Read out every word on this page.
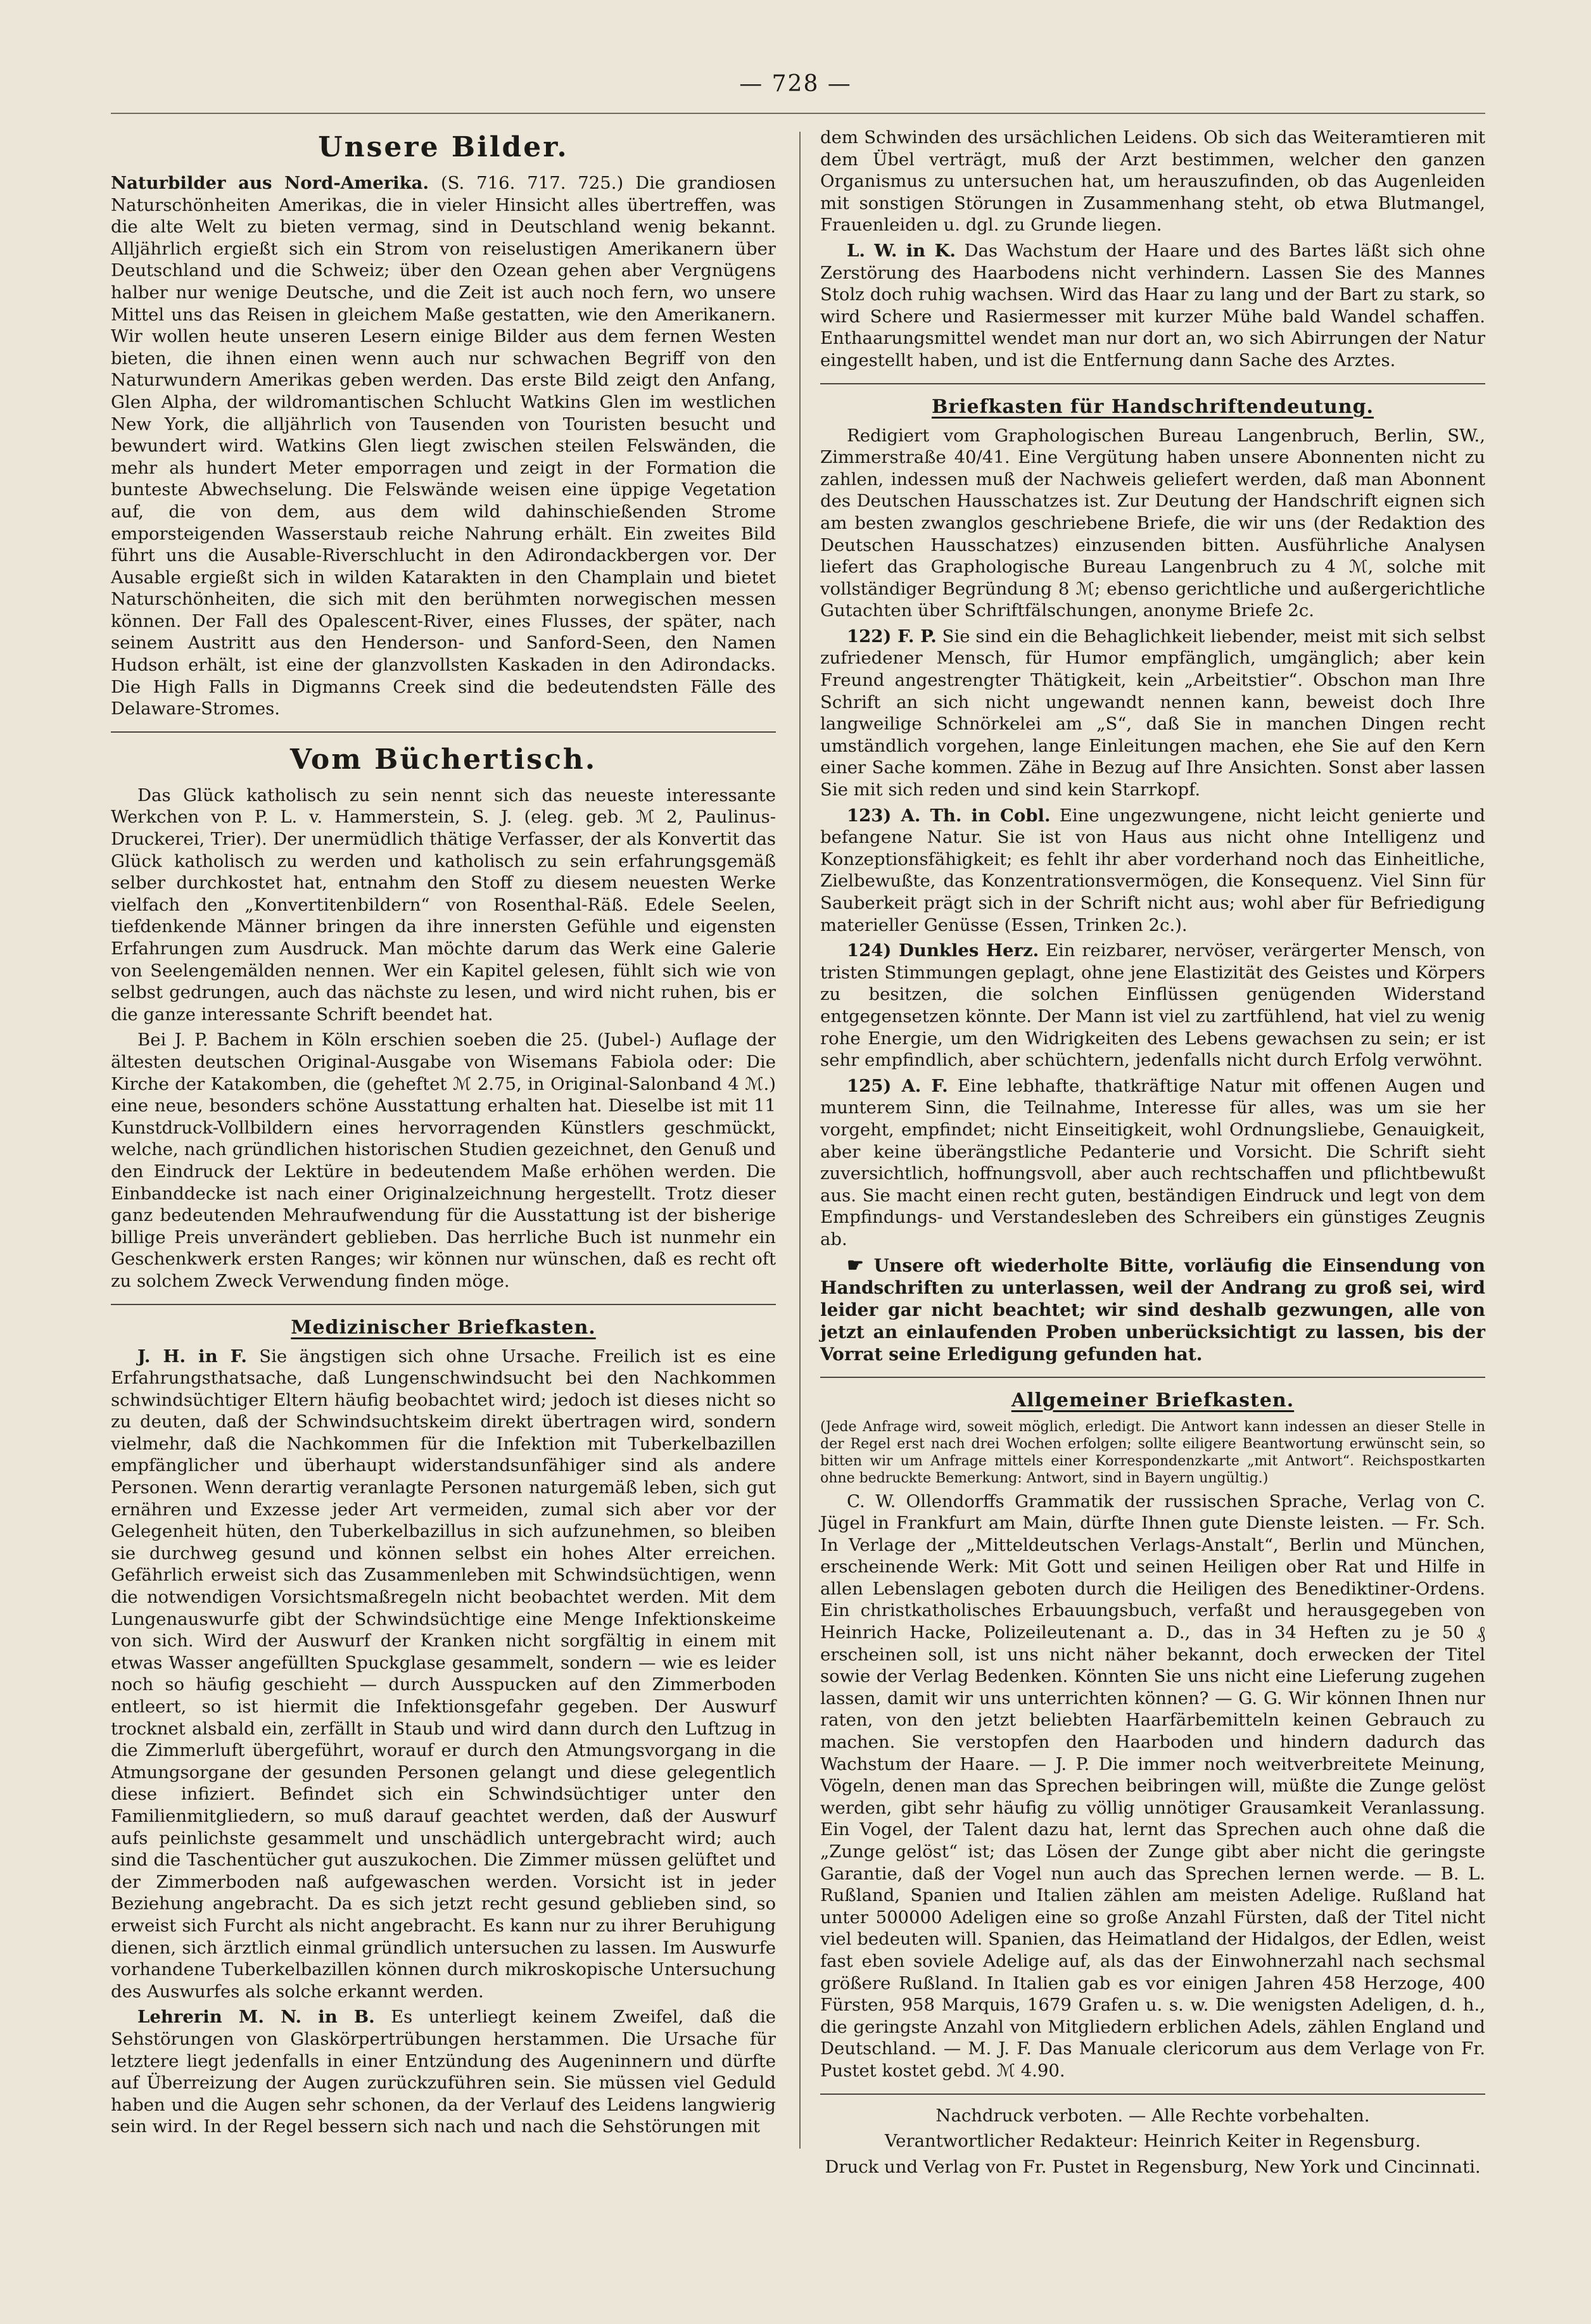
— 728 —
Unsere Bilder.

Naturbilder aus Nord-Amerika. (S. 716. 717. 725.) Die grandiosen Naturschönheiten Amerikas, die in vieler Hinsicht alles übertreffen, was die alte Welt zu bieten vermag, sind in Deutschland wenig bekannt. Alljährlich ergießt sich ein Strom von reiselustigen Amerikanern über Deutschland und die Schweiz; über den Ozean gehen aber Vergnügens halber nur wenige Deutsche, und die Zeit ist auch noch fern, wo unsere Mittel uns das Reisen in gleichem Maße gestatten, wie den Amerikanern. Wir wollen heute unseren Lesern einige Bilder aus dem fernen Westen bieten, die ihnen einen wenn auch nur schwachen Begriff von den Naturwundern Amerikas geben werden. Das erste Bild zeigt den Anfang, Glen Alpha, der wildromantischen Schlucht Watkins Glen im westlichen New York, die alljährlich von Tausenden von Touristen besucht und bewundert wird. Watkins Glen liegt zwischen steilen Felswänden, die mehr als hundert Meter emporragen und zeigt in der Formation die bunteste Abwechselung. Die Felswände weisen eine üppige Vegetation auf, die von dem, aus dem wild dahinschießenden Strome emporsteigenden Wasserstaub reiche Nahrung erhält. Ein zweites Bild führt uns die Ausable-Riverschlucht in den Adirondackbergen vor. Der Ausable ergießt sich in wilden Katarakten in den Champlain und bietet Naturschönheiten, die sich mit den berühmten norwegischen messen können. Der Fall des Opalescent-River, eines Flusses, der später, nach seinem Austritt aus den Henderson- und Sanford-Seen, den Namen Hudson erhält, ist eine der glanzvollsten Kaskaden in den Adirondacks. Die High Falls in Digmanns Creek sind die bedeutendsten Fälle des Delaware-Stromes.

Vom Büchertisch.

Das Glück katholisch zu sein nennt sich das neueste interessante Werkchen von P. L. v. Hammerstein, S. J. (eleg. geb. ℳ 2, Paulinus-Druckerei, Trier). Der unermüdlich thätige Verfasser, der als Konvertit das Glück katholisch zu werden und katholisch zu sein erfahrungsgemäß selber durchkostet hat, entnahm den Stoff zu diesem neuesten Werke vielfach den „Konvertitenbildern“ von Rosenthal-Räß. Edele Seelen, tiefdenkende Männer bringen da ihre innersten Gefühle und eigensten Erfahrungen zum Ausdruck. Man möchte darum das Werk eine Galerie von Seelengemälden nennen. Wer ein Kapitel gelesen, fühlt sich wie von selbst gedrungen, auch das nächste zu lesen, und wird nicht ruhen, bis er die ganze interessante Schrift beendet hat.

Bei J. P. Bachem in Köln erschien soeben die 25. (Jubel-) Auflage der ältesten deutschen Original-Ausgabe von Wisemans Fabiola oder: Die Kirche der Katakomben, die (geheftet ℳ 2.75, in Original-Salonband 4 ℳ.) eine neue, besonders schöne Ausstattung erhalten hat. Dieselbe ist mit 11 Kunstdruck-Vollbildern eines hervorragenden Künstlers geschmückt, welche, nach gründlichen historischen Studien gezeichnet, den Genuß und den Eindruck der Lektüre in bedeutendem Maße erhöhen werden. Die Einbanddecke ist nach einer Originalzeichnung hergestellt. Trotz dieser ganz bedeutenden Mehraufwendung für die Ausstattung ist der bisherige billige Preis unverändert geblieben. Das herrliche Buch ist nunmehr ein Geschenkwerk ersten Ranges; wir können nur wünschen, daß es recht oft zu solchem Zweck Verwendung finden möge.

Medizinischer Briefkasten.

J. H. in F. Sie ängstigen sich ohne Ursache. Freilich ist es eine Erfahrungsthatsache, daß Lungenschwindsucht bei den Nachkommen schwindsüchtiger Eltern häufig beobachtet wird; jedoch ist dieses nicht so zu deuten, daß der Schwindsuchtskeim direkt übertragen wird, sondern vielmehr, daß die Nachkommen für die Infektion mit Tuberkelbazillen empfänglicher und überhaupt widerstandsunfähiger sind als andere Personen. Wenn derartig veranlagte Personen naturgemäß leben, sich gut ernähren und Exzesse jeder Art vermeiden, zumal sich aber vor der Gelegenheit hüten, den Tuberkelbazillus in sich aufzunehmen, so bleiben sie durchweg gesund und können selbst ein hohes Alter erreichen. Gefährlich erweist sich das Zusammenleben mit Schwindsüchtigen, wenn die notwendigen Vorsichtsmaßregeln nicht beobachtet werden. Mit dem Lungenauswurfe gibt der Schwindsüchtige eine Menge Infektionskeime von sich. Wird der Auswurf der Kranken nicht sorgfältig in einem mit etwas Wasser angefüllten Spuckglase gesammelt, sondern — wie es leider noch so häufig geschieht — durch Ausspucken auf den Zimmerboden entleert, so ist hiermit die Infektionsgefahr gegeben. Der Auswurf trocknet alsbald ein, zerfällt in Staub und wird dann durch den Luftzug in die Zimmerluft übergeführt, worauf er durch den Atmungsvorgang in die Atmungsorgane der gesunden Personen gelangt und diese gelegentlich diese infiziert. Befindet sich ein Schwindsüchtiger unter den Familienmitgliedern, so muß darauf geachtet werden, daß der Auswurf aufs peinlichste gesammelt und unschädlich untergebracht wird; auch sind die Taschentücher gut auszukochen. Die Zimmer müssen gelüftet und der Zimmerboden naß aufgewaschen werden. Vorsicht ist in jeder Beziehung angebracht. Da es sich jetzt recht gesund geblieben sind, so erweist sich Furcht als nicht angebracht. Es kann nur zu ihrer Beruhigung dienen, sich ärztlich einmal gründlich untersuchen zu lassen. Im Auswurfe vorhandene Tuberkelbazillen können durch mikroskopische Untersuchung des Auswurfes als solche erkannt werden.

Lehrerin M. N. in B. Es unterliegt keinem Zweifel, daß die Sehstörungen von Glaskörpertrübungen herstammen. Die Ursache für letztere liegt jedenfalls in einer Entzündung des Augeninnern und dürfte auf Überreizung der Augen zurückzuführen sein. Sie müssen viel Geduld haben und die Augen sehr schonen, da der Verlauf des Leidens langwierig sein wird. In der Regel bessern sich nach und nach die Sehstörungen mit

dem Schwinden des ursächlichen Leidens. Ob sich das Weiteramtieren mit dem Übel verträgt, muß der Arzt bestimmen, welcher den ganzen Organismus zu untersuchen hat, um herauszufinden, ob das Augenleiden mit sonstigen Störungen in Zusammenhang steht, ob etwa Blutmangel, Frauenleiden u. dgl. zu Grunde liegen.

L. W. in K. Das Wachstum der Haare und des Bartes läßt sich ohne Zerstörung des Haarbodens nicht verhindern. Lassen Sie des Mannes Stolz doch ruhig wachsen. Wird das Haar zu lang und der Bart zu stark, so wird Schere und Rasiermesser mit kurzer Mühe bald Wandel schaffen. Enthaarungsmittel wendet man nur dort an, wo sich Abirrungen der Natur eingestellt haben, und ist die Entfernung dann Sache des Arztes.

Briefkasten für Handschriftendeutung.

Redigiert vom Graphologischen Bureau Langenbruch, Berlin, SW., Zimmerstraße 40/41. Eine Vergütung haben unsere Abonnenten nicht zu zahlen, indessen muß der Nachweis geliefert werden, daß man Abonnent des Deutschen Hausschatzes ist. Zur Deutung der Handschrift eignen sich am besten zwanglos geschriebene Briefe, die wir uns (der Redaktion des Deutschen Hausschatzes) einzusenden bitten. Ausführliche Analysen liefert das Graphologische Bureau Langenbruch zu 4 ℳ, solche mit vollständiger Begründung 8 ℳ; ebenso gerichtliche und außergerichtliche Gutachten über Schriftfälschungen, anonyme Briefe 2c.

122) F. P. Sie sind ein die Behaglichkeit liebender, meist mit sich selbst zufriedener Mensch, für Humor empfänglich, umgänglich; aber kein Freund angestrengter Thätigkeit, kein „Arbeitstier“. Obschon man Ihre Schrift an sich nicht ungewandt nennen kann, beweist doch Ihre langweilige Schnörkelei am „S“, daß Sie in manchen Dingen recht umständlich vorgehen, lange Einleitungen machen, ehe Sie auf den Kern einer Sache kommen. Zähe in Bezug auf Ihre Ansichten. Sonst aber lassen Sie mit sich reden und sind kein Starrkopf.

123) A. Th. in Cobl. Eine ungezwungene, nicht leicht genierte und befangene Natur. Sie ist von Haus aus nicht ohne Intelligenz und Konzeptionsfähigkeit; es fehlt ihr aber vorderhand noch das Einheitliche, Zielbewußte, das Konzentrationsvermögen, die Konsequenz. Viel Sinn für Sauberkeit prägt sich in der Schrift nicht aus; wohl aber für Befriedigung materieller Genüsse (Essen, Trinken 2c.).

124) Dunkles Herz. Ein reizbarer, nervöser, verärgerter Mensch, von tristen Stimmungen geplagt, ohne jene Elastizität des Geistes und Körpers zu besitzen, die solchen Einflüssen genügenden Widerstand entgegensetzen könnte. Der Mann ist viel zu zartfühlend, hat viel zu wenig rohe Energie, um den Widrigkeiten des Lebens gewachsen zu sein; er ist sehr empfindlich, aber schüchtern, jedenfalls nicht durch Erfolg verwöhnt.

125) A. F. Eine lebhafte, thatkräftige Natur mit offenen Augen und munterem Sinn, die Teilnahme, Interesse für alles, was um sie her vorgeht, empfindet; nicht Einseitigkeit, wohl Ordnungsliebe, Genauigkeit, aber keine überängstliche Pedanterie und Vorsicht. Die Schrift sieht zuversichtlich, hoffnungsvoll, aber auch rechtschaffen und pflichtbewußt aus. Sie macht einen recht guten, beständigen Eindruck und legt von dem Empfindungs- und Verstandesleben des Schreibers ein günstiges Zeugnis ab.

☛ Unsere oft wiederholte Bitte, vorläufig die Einsendung von Handschriften zu unterlassen, weil der Andrang zu groß sei, wird leider gar nicht beachtet; wir sind deshalb gezwungen, alle von jetzt an einlaufenden Proben unberücksichtigt zu lassen, bis der Vorrat seine Erledigung gefunden hat.

Allgemeiner Briefkasten.

(Jede Anfrage wird, soweit möglich, erledigt. Die Antwort kann indessen an dieser Stelle in der Regel erst nach drei Wochen erfolgen; sollte eiligere Beantwortung erwünscht sein, so bitten wir um Anfrage mittels einer Korrespondenzkarte „mit Antwort“. Reichspostkarten ohne bedruckte Bemerkung: Antwort, sind in Bayern ungültig.)

C. W. Ollendorffs Grammatik der russischen Sprache, Verlag von C. Jügel in Frankfurt am Main, dürfte Ihnen gute Dienste leisten. — Fr. Sch. In Verlage der „Mitteldeutschen Verlags-Anstalt“, Berlin und München, erscheinende Werk: Mit Gott und seinen Heiligen ober Rat und Hilfe in allen Lebenslagen geboten durch die Heiligen des Benediktiner-Ordens. Ein christkatholisches Erbauungsbuch, verfaßt und herausgegeben von Heinrich Hacke, Polizeileutenant a. D., das in 34 Heften zu je 50 ₰ erscheinen soll, ist uns nicht näher bekannt, doch erwecken der Titel sowie der Verlag Bedenken. Könnten Sie uns nicht eine Lieferung zugehen lassen, damit wir uns unterrichten können? — G. G. Wir können Ihnen nur raten, von den jetzt beliebten Haarfärbemitteln keinen Gebrauch zu machen. Sie verstopfen den Haarboden und hindern dadurch das Wachstum der Haare. — J. P. Die immer noch weitverbreitete Meinung, Vögeln, denen man das Sprechen beibringen will, müßte die Zunge gelöst werden, gibt sehr häufig zu völlig unnötiger Grausamkeit Veranlassung. Ein Vogel, der Talent dazu hat, lernt das Sprechen auch ohne daß die „Zunge gelöst“ ist; das Lösen der Zunge gibt aber nicht die geringste Garantie, daß der Vogel nun auch das Sprechen lernen werde. — B. L. Rußland, Spanien und Italien zählen am meisten Adelige. Rußland hat unter 500000 Adeligen eine so große Anzahl Fürsten, daß der Titel nicht viel bedeuten will. Spanien, das Heimatland der Hidalgos, der Edlen, weist fast eben soviele Adelige auf, als das der Einwohnerzahl nach sechsmal größere Rußland. In Italien gab es vor einigen Jahren 458 Herzoge, 400 Fürsten, 958 Marquis, 1679 Grafen u. s. w. Die wenigsten Adeligen, d. h., die geringste Anzahl von Mitgliedern erblichen Adels, zählen England und Deutschland. — M. J. F. Das Manuale clericorum aus dem Verlage von Fr. Pustet kostet gebd. ℳ 4.90.

Nachdruck verboten. — Alle Rechte vorbehalten.

Verantwortlicher Redakteur: Heinrich Keiter in Regensburg.

Druck und Verlag von Fr. Pustet in Regensburg, New York und Cincinnati.
